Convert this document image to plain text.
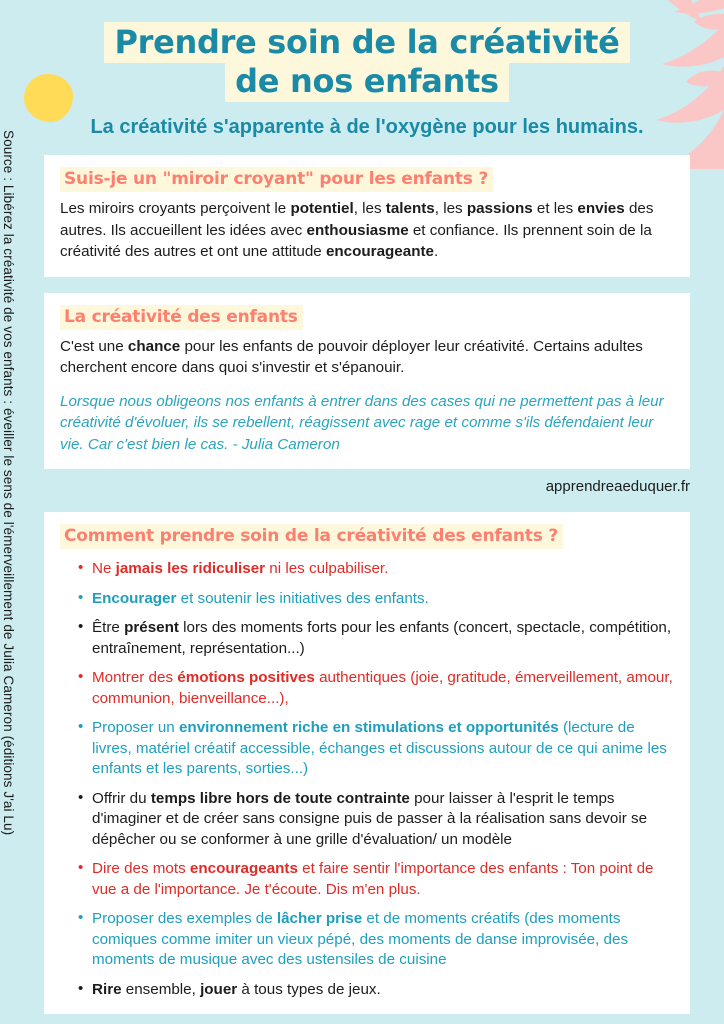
Source : Libérez la créativité de vos enfants : éveiller le sens de l'émerveillement de Julia Cameron (éditions J'ai Lu)
Prendre soin de la créativité
de nos enfants
La créativité s'apparente à de l'oxygène pour les humains.
Suis-je un "miroir croyant" pour les enfants ?
Les miroirs croyants perçoivent le potentiel, les talents, les passions et les envies des autres. Ils accueillent les idées avec enthousiasme et confiance. Ils prennent soin de la créativité des autres et ont une attitude encourageante.
La créativité des enfants
C'est une chance pour les enfants de pouvoir déployer leur créativité. Certains adultes cherchent encore dans quoi s'investir et s'épanouir.
Lorsque nous obligeons nos enfants à entrer dans des cases qui ne permettent pas à leur créativité d'évoluer, ils se rebellent, réagissent avec rage et comme s'ils défendaient leur vie. Car c'est bien le cas. - Julia Cameron
apprendreaeduquer.fr
Comment prendre soin de la créativité des enfants ?
• Ne jamais les ridiculiser ni les culpabiliser.
• Encourager et soutenir les initiatives des enfants.
• Être présent lors des moments forts pour les enfants (concert, spectacle, compétition, entraînement, représentation...)
• Montrer des émotions positives authentiques (joie, gratitude, émerveillement, amour, communion, bienveillance...),
• Proposer un environnement riche en stimulations et opportunités (lecture de livres, matériel créatif accessible, échanges et discussions autour de ce qui anime les enfants et les parents, sorties...)
• Offrir du temps libre hors de toute contrainte pour laisser à l'esprit le temps d'imaginer et de créer sans consigne puis de passer à la réalisation sans devoir se dépêcher ou se conformer à une grille d'évaluation/ un modèle
• Dire des mots encourageants et faire sentir l'importance des enfants : Ton point de vue a de l'importance. Je t'écoute. Dis m'en plus.
• Proposer des exemples de lâcher prise et de moments créatifs (des moments comiques comme imiter un vieux pépé, des moments de danse improvisée, des moments de musique avec des ustensiles de cuisine
• Rire ensemble, jouer à tous types de jeux.
